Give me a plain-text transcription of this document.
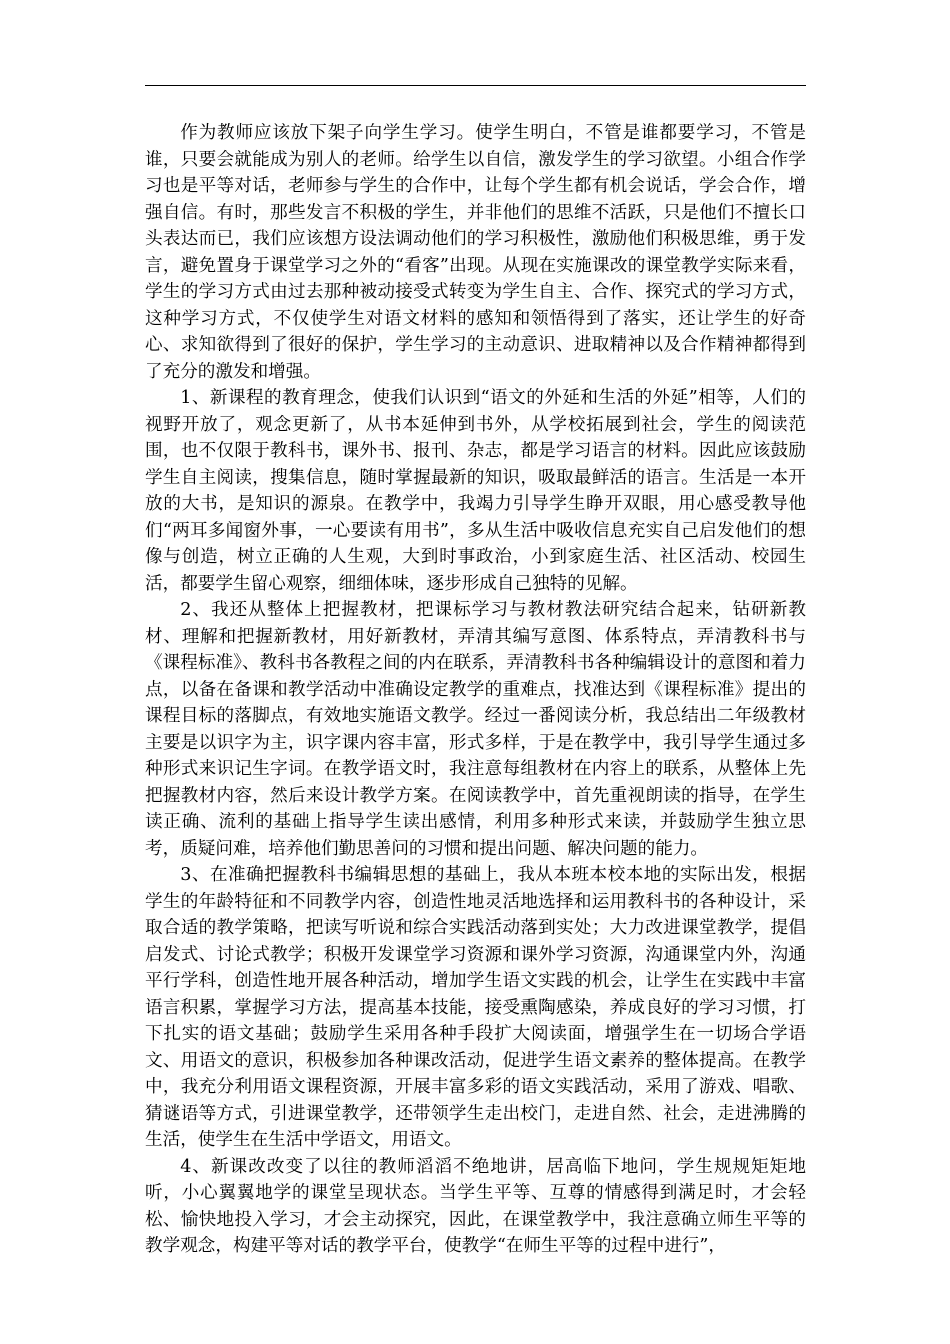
作为教师应该放下架子向学生学习。使学生明白，不管是谁都要学习，不管是谁，只要会就能成为别人的老师。给学生以自信，激发学生的学习欲望。小组合作学习也是平等对话，老师参与学生的合作中，让每个学生都有机会说话，学会合作，增强自信。有时，那些发言不积极的学生，并非他们的思维不活跃，只是他们不擅长口头表达而已，我们应该想方设法调动他们的学习积极性，激励他们积极思维，勇于发言，避免置身于课堂学习之外的“看客”出现。从现在实施课改的课堂教学实际来看，学生的学习方式由过去那种被动接受式转变为学生自主、合作、探究式的学习方式，这种学习方式，不仅使学生对语文材料的感知和领悟得到了落实，还让学生的好奇心、求知欲得到了很好的保护，学生学习的主动意识、进取精神以及合作精神都得到了充分的激发和增强。

1、新课程的教育理念，使我们认识到“语文的外延和生活的外延”相等，人们的视野开放了，观念更新了，从书本延伸到书外，从学校拓展到社会，学生的阅读范围，也不仅限于教科书，课外书、报刊、杂志，都是学习语言的材料。因此应该鼓励学生自主阅读，搜集信息，随时掌握最新的知识，吸取最鲜活的语言。生活是一本开放的大书，是知识的源泉。在教学中，我竭力引导学生睁开双眼，用心感受教导他们“两耳多闻窗外事，一心要读有用书”，多从生活中吸收信息充实自己启发他们的想像与创造，树立正确的人生观，大到时事政治，小到家庭生活、社区活动、校园生活，都要学生留心观察，细细体味，逐步形成自己独特的见解。

2、我还从整体上把握教材，把课标学习与教材教法研究结合起来，钻研新教材、理解和把握新教材，用好新教材，弄清其编写意图、体系特点，弄清教科书与《课程标准》、教科书各教程之间的内在联系，弄清教科书各种编辑设计的意图和着力点，以备在备课和教学活动中准确设定教学的重难点，找准达到《课程标准》提出的课程目标的落脚点，有效地实施语文教学。经过一番阅读分析，我总结出二年级教材主要是以识字为主，识字课内容丰富，形式多样，于是在教学中，我引导学生通过多种形式来识记生字词。在教学语文时，我注意每组教材在内容上的联系，从整体上先把握教材内容，然后来设计教学方案。在阅读教学中，首先重视朗读的指导，在学生读正确、流利的基础上指导学生读出感情，利用多种形式来读，并鼓励学生独立思考，质疑问难，培养他们勤思善问的习惯和提出问题、解决问题的能力。

3、在准确把握教科书编辑思想的基础上，我从本班本校本地的实际出发，根据学生的年龄特征和不同教学内容，创造性地灵活地选择和运用教科书的各种设计，采取合适的教学策略，把读写听说和综合实践活动落到实处；大力改进课堂教学，提倡启发式、讨论式教学；积极开发课堂学习资源和课外学习资源，沟通课堂内外，沟通平行学科，创造性地开展各种活动，增加学生语文实践的机会，让学生在实践中丰富语言积累，掌握学习方法，提高基本技能，接受熏陶感染，养成良好的学习习惯，打下扎实的语文基础；鼓励学生采用各种手段扩大阅读面，增强学生在一切场合学语文、用语文的意识，积极参加各种课改活动，促进学生语文素养的整体提高。在教学中，我充分利用语文课程资源，开展丰富多彩的语文实践活动，采用了游戏、唱歌、猜谜语等方式，引进课堂教学，还带领学生走出校门，走进自然、社会，走进沸腾的生活，使学生在生活中学语文，用语文。

4、新课改改变了以往的教师滔滔不绝地讲，居高临下地问，学生规规矩矩地听，小心翼翼地学的课堂呈现状态。当学生平等、互尊的情感得到满足时，才会轻松、愉快地投入学习，才会主动探究，因此，在课堂教学中，我注意确立师生平等的教学观念，构建平等对话的教学平台，使教学“在师生平等的过程中进行”，
